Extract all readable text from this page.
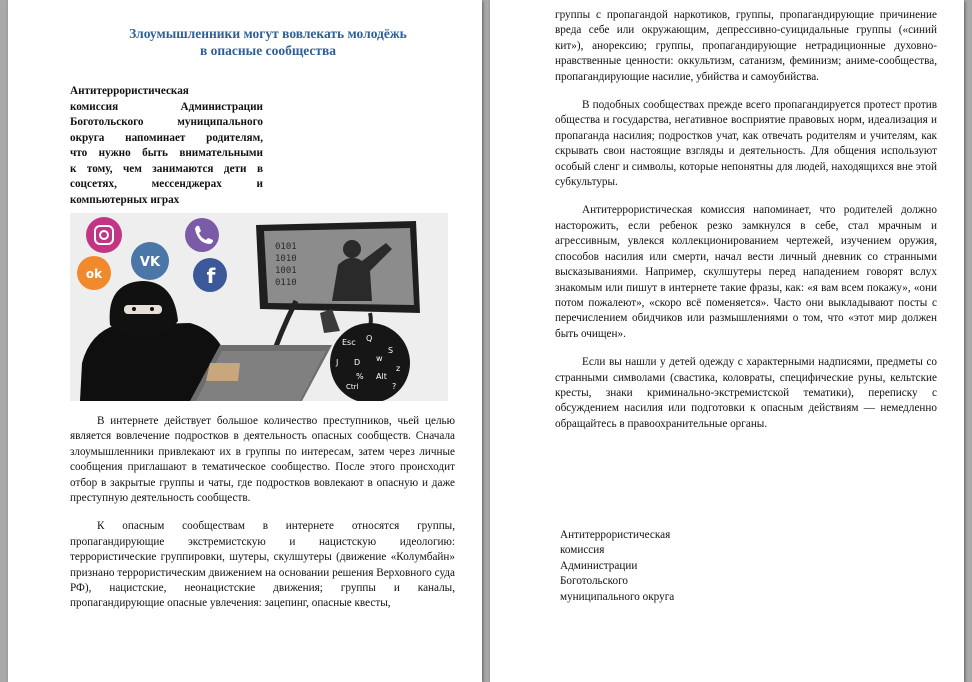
Злоумышленники могут вовлекать молодёжь
в опасные сообщества
Антитеррористическая
комиссия Администрации
Боготольского муниципального
округа напоминает родителям,
что нужно быть внимательными
к тому, чем занимаются дети в
соцсетях, мессенджерах и
компьютерных играх
0101
1010
1001
0110
Esc
Alt
Ctrl
Q
S
J D
z
w
%
?
ok
VK
f

В интернете действует большое количество преступников, чьей целью является вовлечение подростков в деятельность опасных сообществ. Сначала злоумышленники привлекают их в группы по интересам, затем через личные сообщения приглашают в тематическое сообщество. После этого происходит отбор в закрытые группы и чаты, где подростков вовлекают в опасную и даже преступную деятельность сообществ.

К опасным сообществам в интернете относятся группы, пропагандирующие экстремистскую и нацистскую идеологию: террористические группировки, шутеры, скулшутеры (движение «Колумбайн» признано террористическим движением на основании решения Верховного суда РФ), нацистские, неонацистские движения; группы и каналы, пропагандирующие опасные увлечения: зацепинг, опасные квесты,

группы с пропагандой наркотиков, группы, пропагандирующие причинение вреда себе или окружающим, депрессивно-суицидальные группы («синий кит»), анорексию; группы, пропагандирующие нетрадиционные духовно-нравственные ценности: оккультизм, сатанизм, феминизм; аниме-сообщества, пропагандирующие насилие, убийства и самоубийства.

В подобных сообществах прежде всего пропагандируется протест против общества и государства, негативное восприятие правовых норм, идеализация и пропаганда насилия; подростков учат, как отвечать родителям и учителям, как скрывать свои настоящие взгляды и деятельность. Для общения используют особый сленг и символы, которые непонятны для людей, находящихся вне этой субкультуры.

Антитеррористическая комиссия напоминает, что родителей должно насторожить, если ребенок резко замкнулся в себе, стал мрачным и агрессивным, увлекся коллекционированием чертежей, изучением оружия, способов насилия или смерти, начал вести личный дневник со странными высказываниями. Например, скулшутеры перед нападением говорят вслух знакомым или пишут в интернете такие фразы, как: «я вам всем покажу», «они потом пожалеют», «скоро всё поменяется». Часто они выкладывают посты с перечислением обидчиков или размышлениями о том, что «этот мир должен быть очищен».

Если вы нашли у детей одежду с характерными надписями, предметы со странными символами (свастика, коловраты, специфические руны, кельтские кресты, знаки криминально-экстремистской тематики), переписку с обсуждением насилия или подготовки к опасным действиям — немедленно обращайтесь в правоохранительные органы.

Антитеррористическая
комиссия
Администрации
Боготольского
муниципального округа
